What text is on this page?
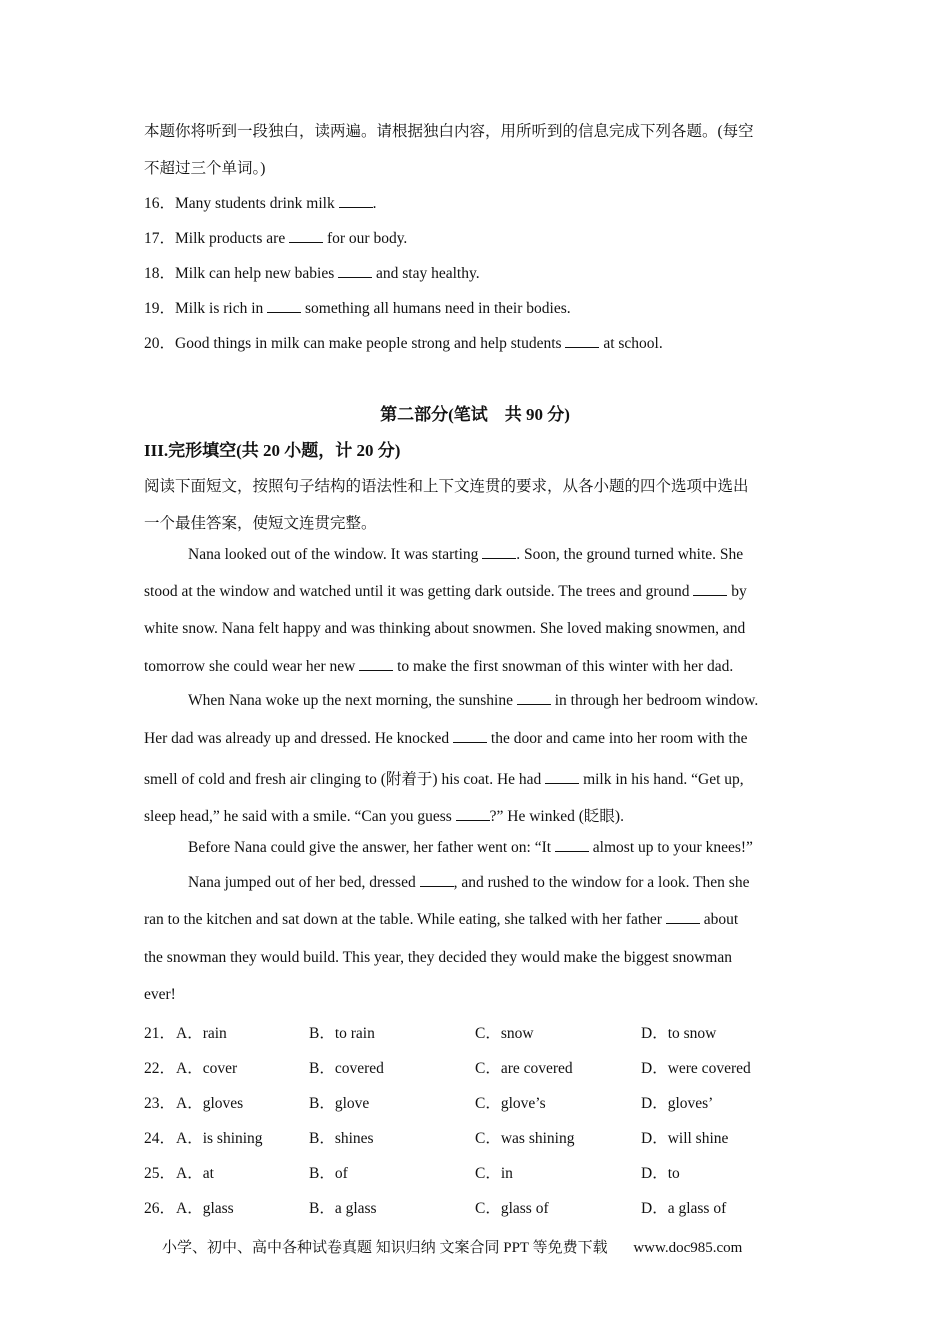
本题你将听到一段独白，读两遍。请根据独白内容，用所听到的信息完成下列各题。(每空
不超过三个单词。)
16．Many students drink milk .
17．Milk products are  for our body.
18．Milk can help new babies  and stay healthy.
19．Milk is rich in  something all humans need in their bodies.
20．Good things in milk can make people strong and help students  at school.
第二部分(笔试　共 90 分)
III.完形填空(共 20 小题，计 20 分)
阅读下面短文，按照句子结构的语法性和上下文连贯的要求，从各小题的四个选项中选出
一个最佳答案，使短文连贯完整。
Nana looked out of the window. It was starting . Soon, the ground turned white. She
stood at the window and watched until it was getting dark outside. The trees and ground  by
white snow. Nana felt happy and was thinking about snowmen. She loved making snowmen, and
tomorrow she could wear her new  to make the first snowman of this winter with her dad.
When Nana woke up the next morning, the sunshine  in through her bedroom window.
Her dad was already up and dressed. He knocked  the door and came into her room with the
smell of cold and fresh air clinging to (附着于) his coat. He had  milk in his hand. “Get up,
sleep head,” he said with a smile. “Can you guess ?” He winked (眨眼).
Before Nana could give the answer, her father went on: “It  almost up to your knees!”
Nana jumped out of her bed, dressed , and rushed to the window for a look. Then she
ran to the kitchen and sat down at the table. While eating, she talked with her father  about
the snowman they would build. This year, they decided they would make the biggest snowman
ever!
21． A．rain	B．to rain	C．snow	D．to snow
22． A．cover	B．covered	C．are covered	D．were covered
23． A．gloves	B．glove	C．glove’s	D．gloves’
24． A．is shining	B．shines	C．was shining	D．will shine
25． A．at	B．of	C．in	D．to
26． A．glass	B．a glass	C．glass of	D．a glass of
小学、初中、高中各种试卷真题 知识归纳 文案合同 PPT 等免费下载 www.doc985.com
